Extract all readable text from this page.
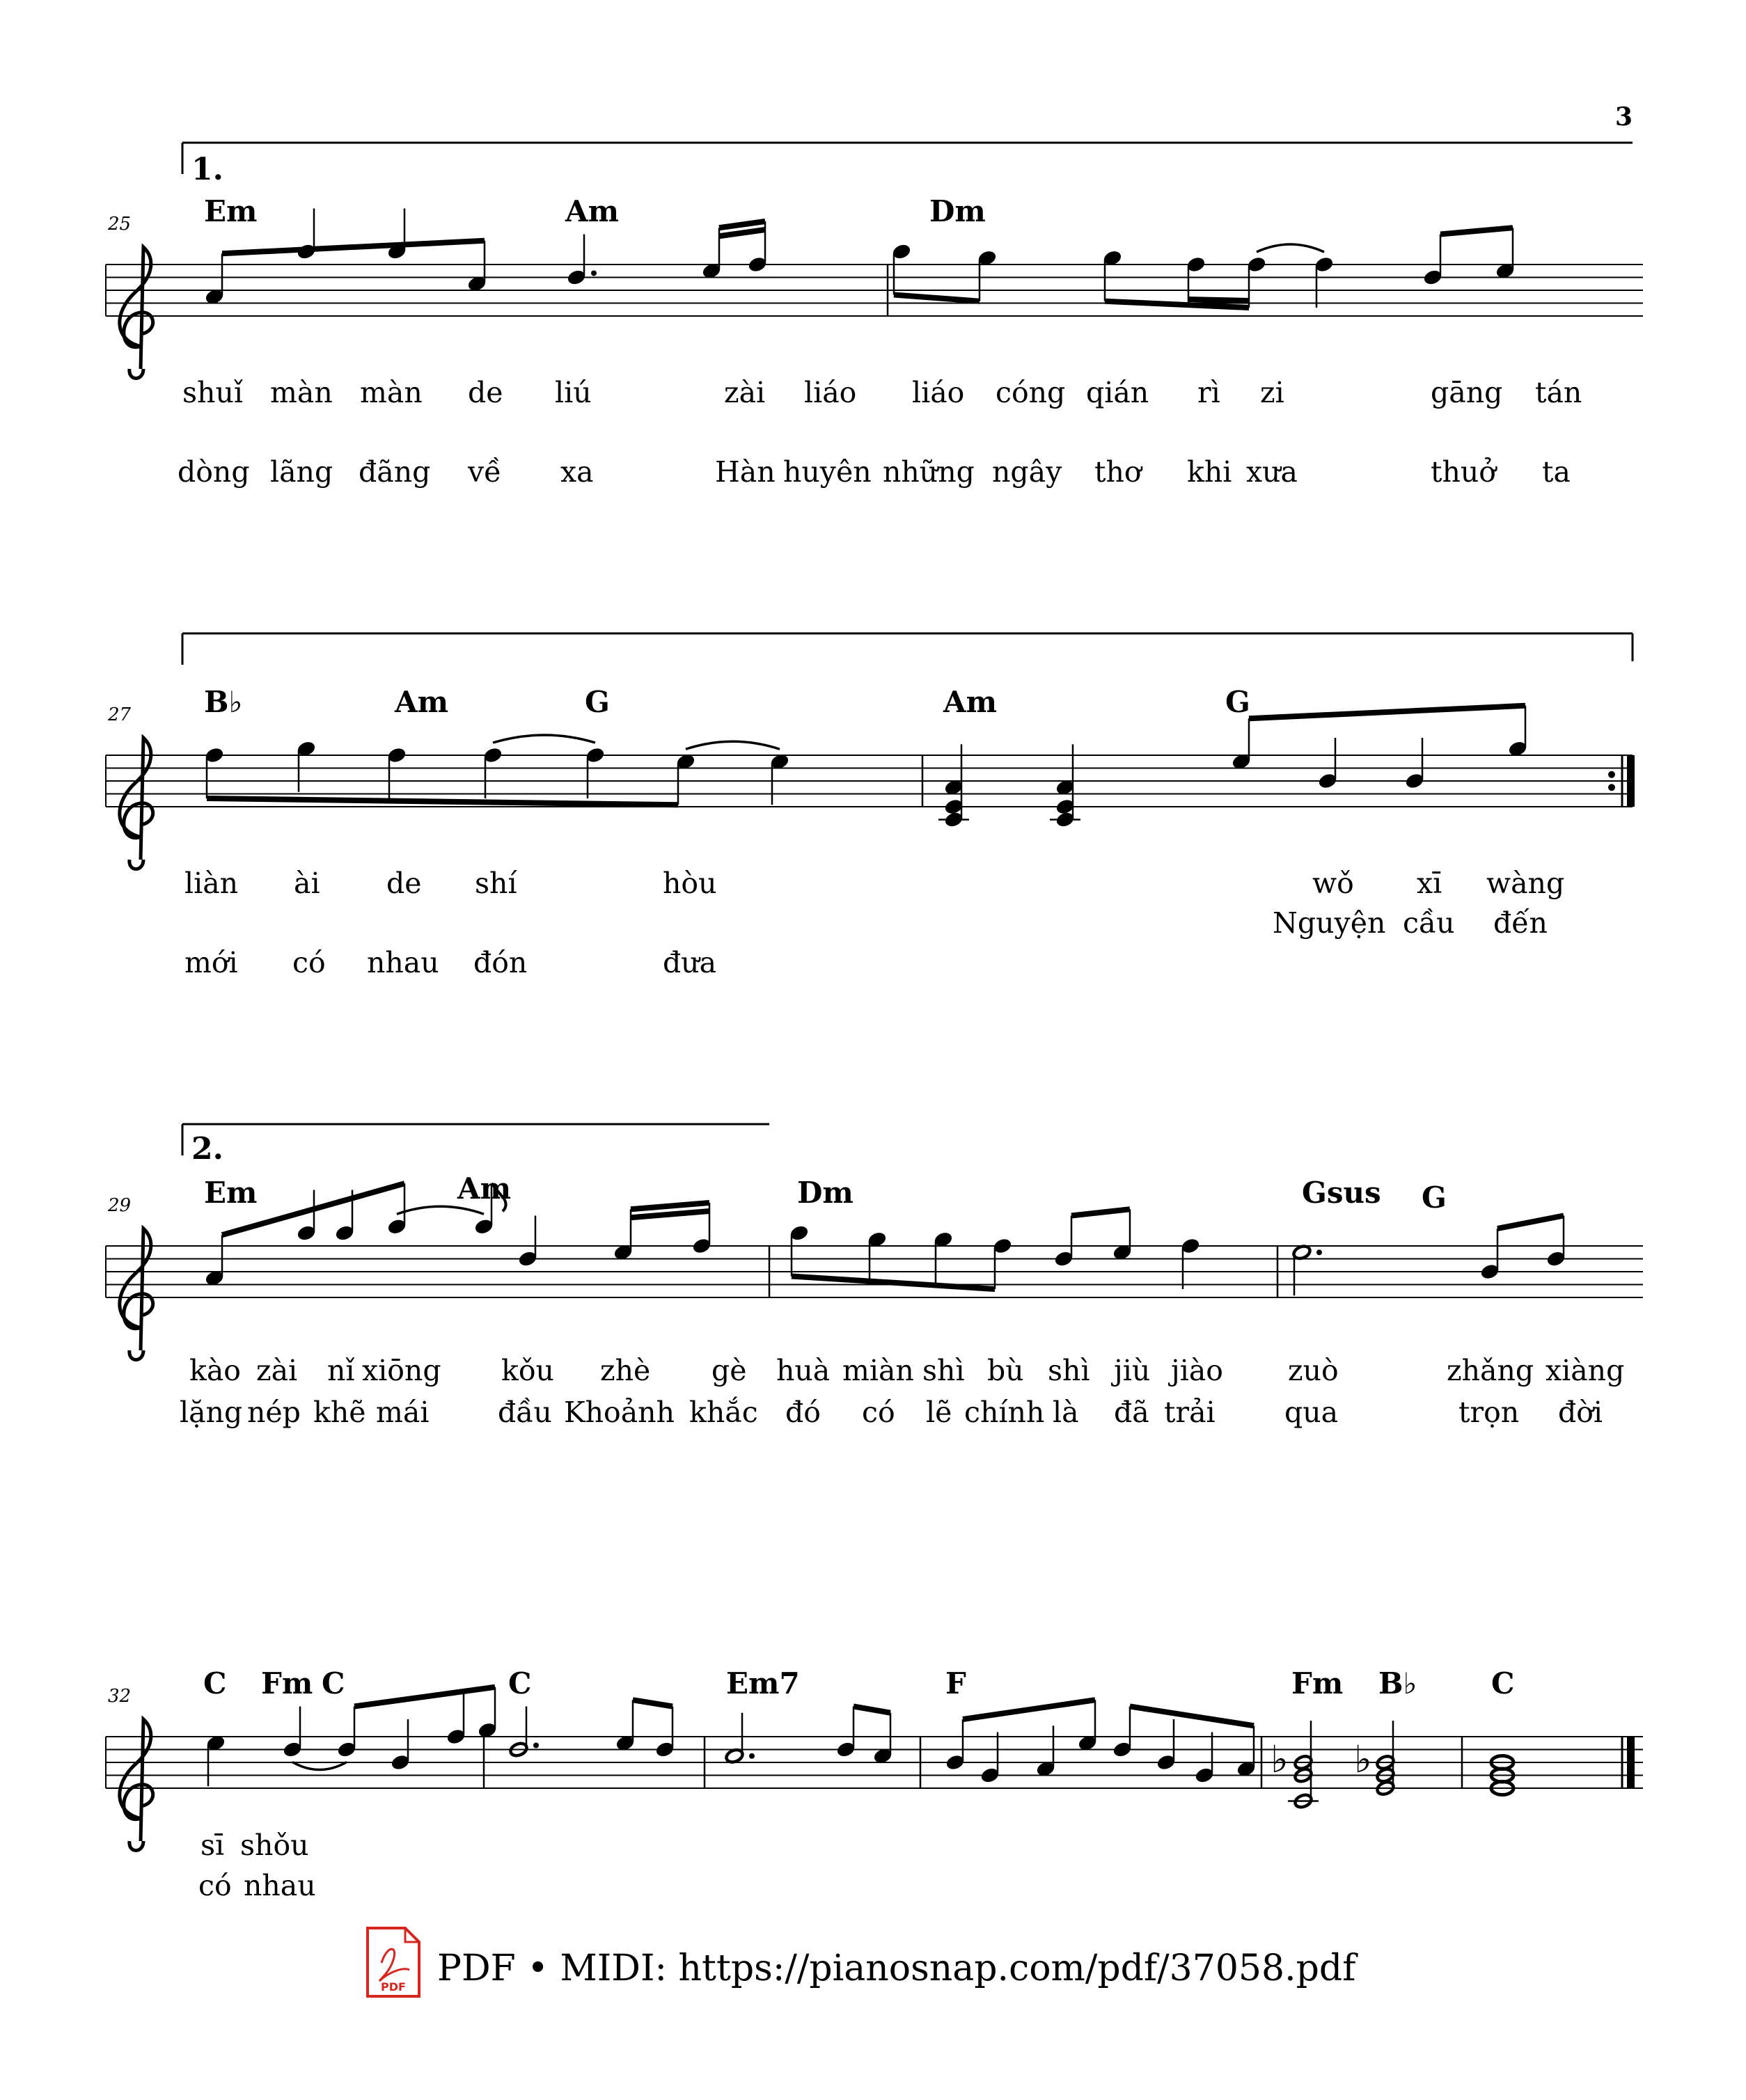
♭ ♭
3
25
1.
Em	Am	Dm
shuǐ màn màn de liú	zài liáo liáo cóng qián rì zi	gāng tán
dòng lãng đãng về xa	Hàn huyên những ngây thơ khi xưa	thuở ta
27 B♭	Am	G	Am	G
liàn ài de shí	hòu	wǒ xī wàng
mới có nhau đón	đưa
Nguyện cầu đến
29
2.
Em	Am	Dm	Gsus G
kào zài nǐ xiōng kǒu zhè gè huà miàn shì bù shì jiù jiào zuò	zhǎng xiàng
lặng nép khẽ mái đầu Khoảnh khắc đó có lẽ chính là đã trải qua	trọn đời
32 C Fm C	C	Em7	F	Fm B♭	C
sī shǒu
có nhau
PDF PDF • MIDI: https://pianosnap.com/pdf/37058.pdf
